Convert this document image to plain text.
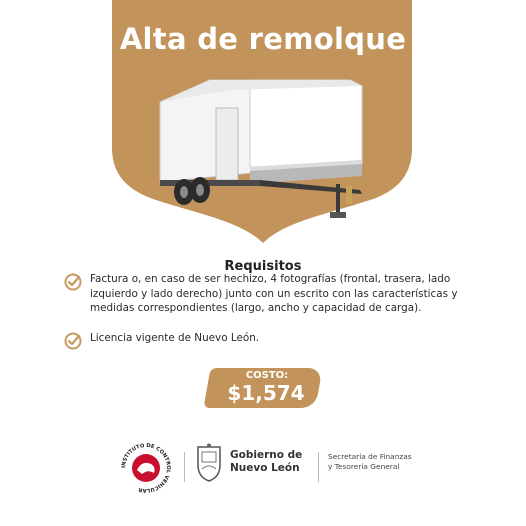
Alta de remolque
Requisitos
Factura o, en caso de ser hechizo, 4 fotografías (frontal, trasera, lado izquierdo y lado derecho) junto con un escrito con las características y medidas correspondientes (largo, ancho y capacidad de carga).
Licencia vigente de Nuevo León.
COSTO:
$1,574
INSTITUTO DE CONTROL VEHICULAR
Gobierno de
Nuevo León
Secretaría de Finanzas
y Tesorería General
